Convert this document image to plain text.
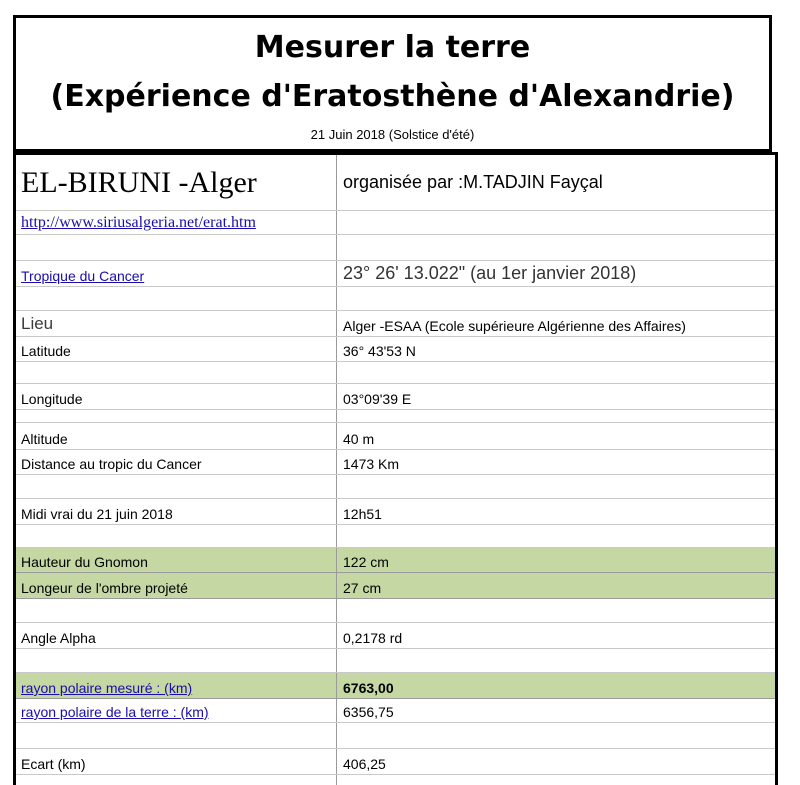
Mesurer la terre
(Expérience d'Eratosthène d'Alexandrie)
21 Juin 2018 (Solstice d'été)
EL-BIRUNI -Alger	organisée par :M.TADJIN Fayçal
http://www.siriusalgeria.net/erat.htm
Tropique du Cancer	23° 26' 13.022" (au 1er janvier 2018)
Lieu	Alger -ESAA (Ecole supérieure Algérienne des Affaires)
Latitude	36° 43'53 N
Longitude	03°09'39 E
Altitude	40 m
Distance au tropic du Cancer	1473 Km
Midi vrai du 21 juin 2018	12h51
Hauteur du Gnomon	122 cm
Longeur de l'ombre projeté	27 cm
Angle Alpha	0,2178 rd
rayon polaire mesuré : (km)	6763,00
rayon polaire de la terre : (km)	6356,75
Ecart (km)	406,25
